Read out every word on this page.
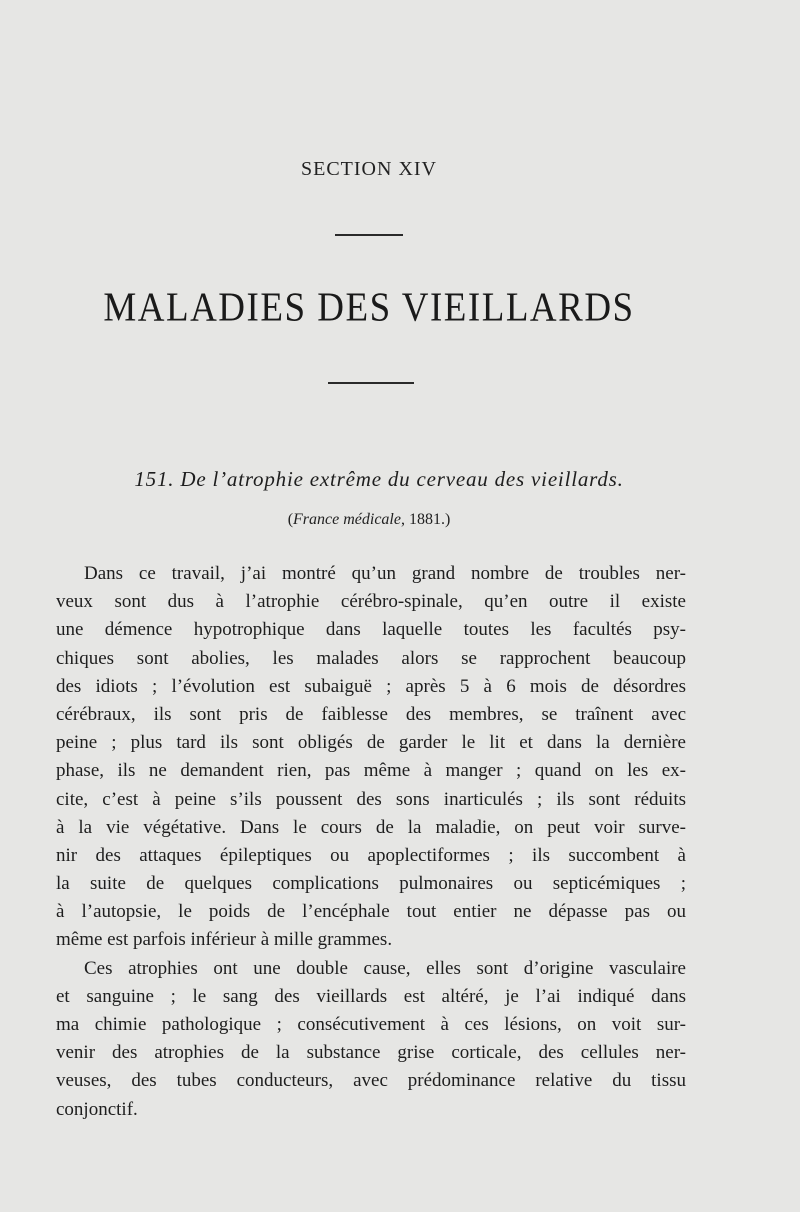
SECTION XIV
MALADIES DES VIEILLARDS
151. De l’atrophie extrême du cerveau des vieillards.
(France médicale, 1881.)
Dans ce travail, j’ai montré qu’un grand nombre de troubles ner-
veux sont dus à l’atrophie cérébro-spinale, qu’en outre il existe
une démence hypotrophique dans laquelle toutes les facultés psy-
chiques sont abolies, les malades alors se rapprochent beaucoup
des idiots ; l’évolution est subaiguë ; après 5 à 6 mois de désordres
cérébraux, ils sont pris de faiblesse des membres, se traînent avec
peine ; plus tard ils sont obligés de garder le lit et dans la dernière
phase, ils ne demandent rien, pas même à manger ; quand on les ex-
cite, c’est à peine s’ils poussent des sons inarticulés ; ils sont réduits
à la vie végétative. Dans le cours de la maladie, on peut voir surve-
nir des attaques épileptiques ou apoplectiformes ; ils succombent à
la suite de quelques complications pulmonaires ou septicémiques ;
à l’autopsie, le poids de l’encéphale tout entier ne dépasse pas ou
même est parfois inférieur à mille grammes.
Ces atrophies ont une double cause, elles sont d’origine vasculaire
et sanguine ; le sang des vieillards est altéré, je l’ai indiqué dans
ma chimie pathologique ; consécutivement à ces lésions, on voit sur-
venir des atrophies de la substance grise corticale, des cellules ner-
veuses, des tubes conducteurs, avec prédominance relative du tissu
conjonctif.
